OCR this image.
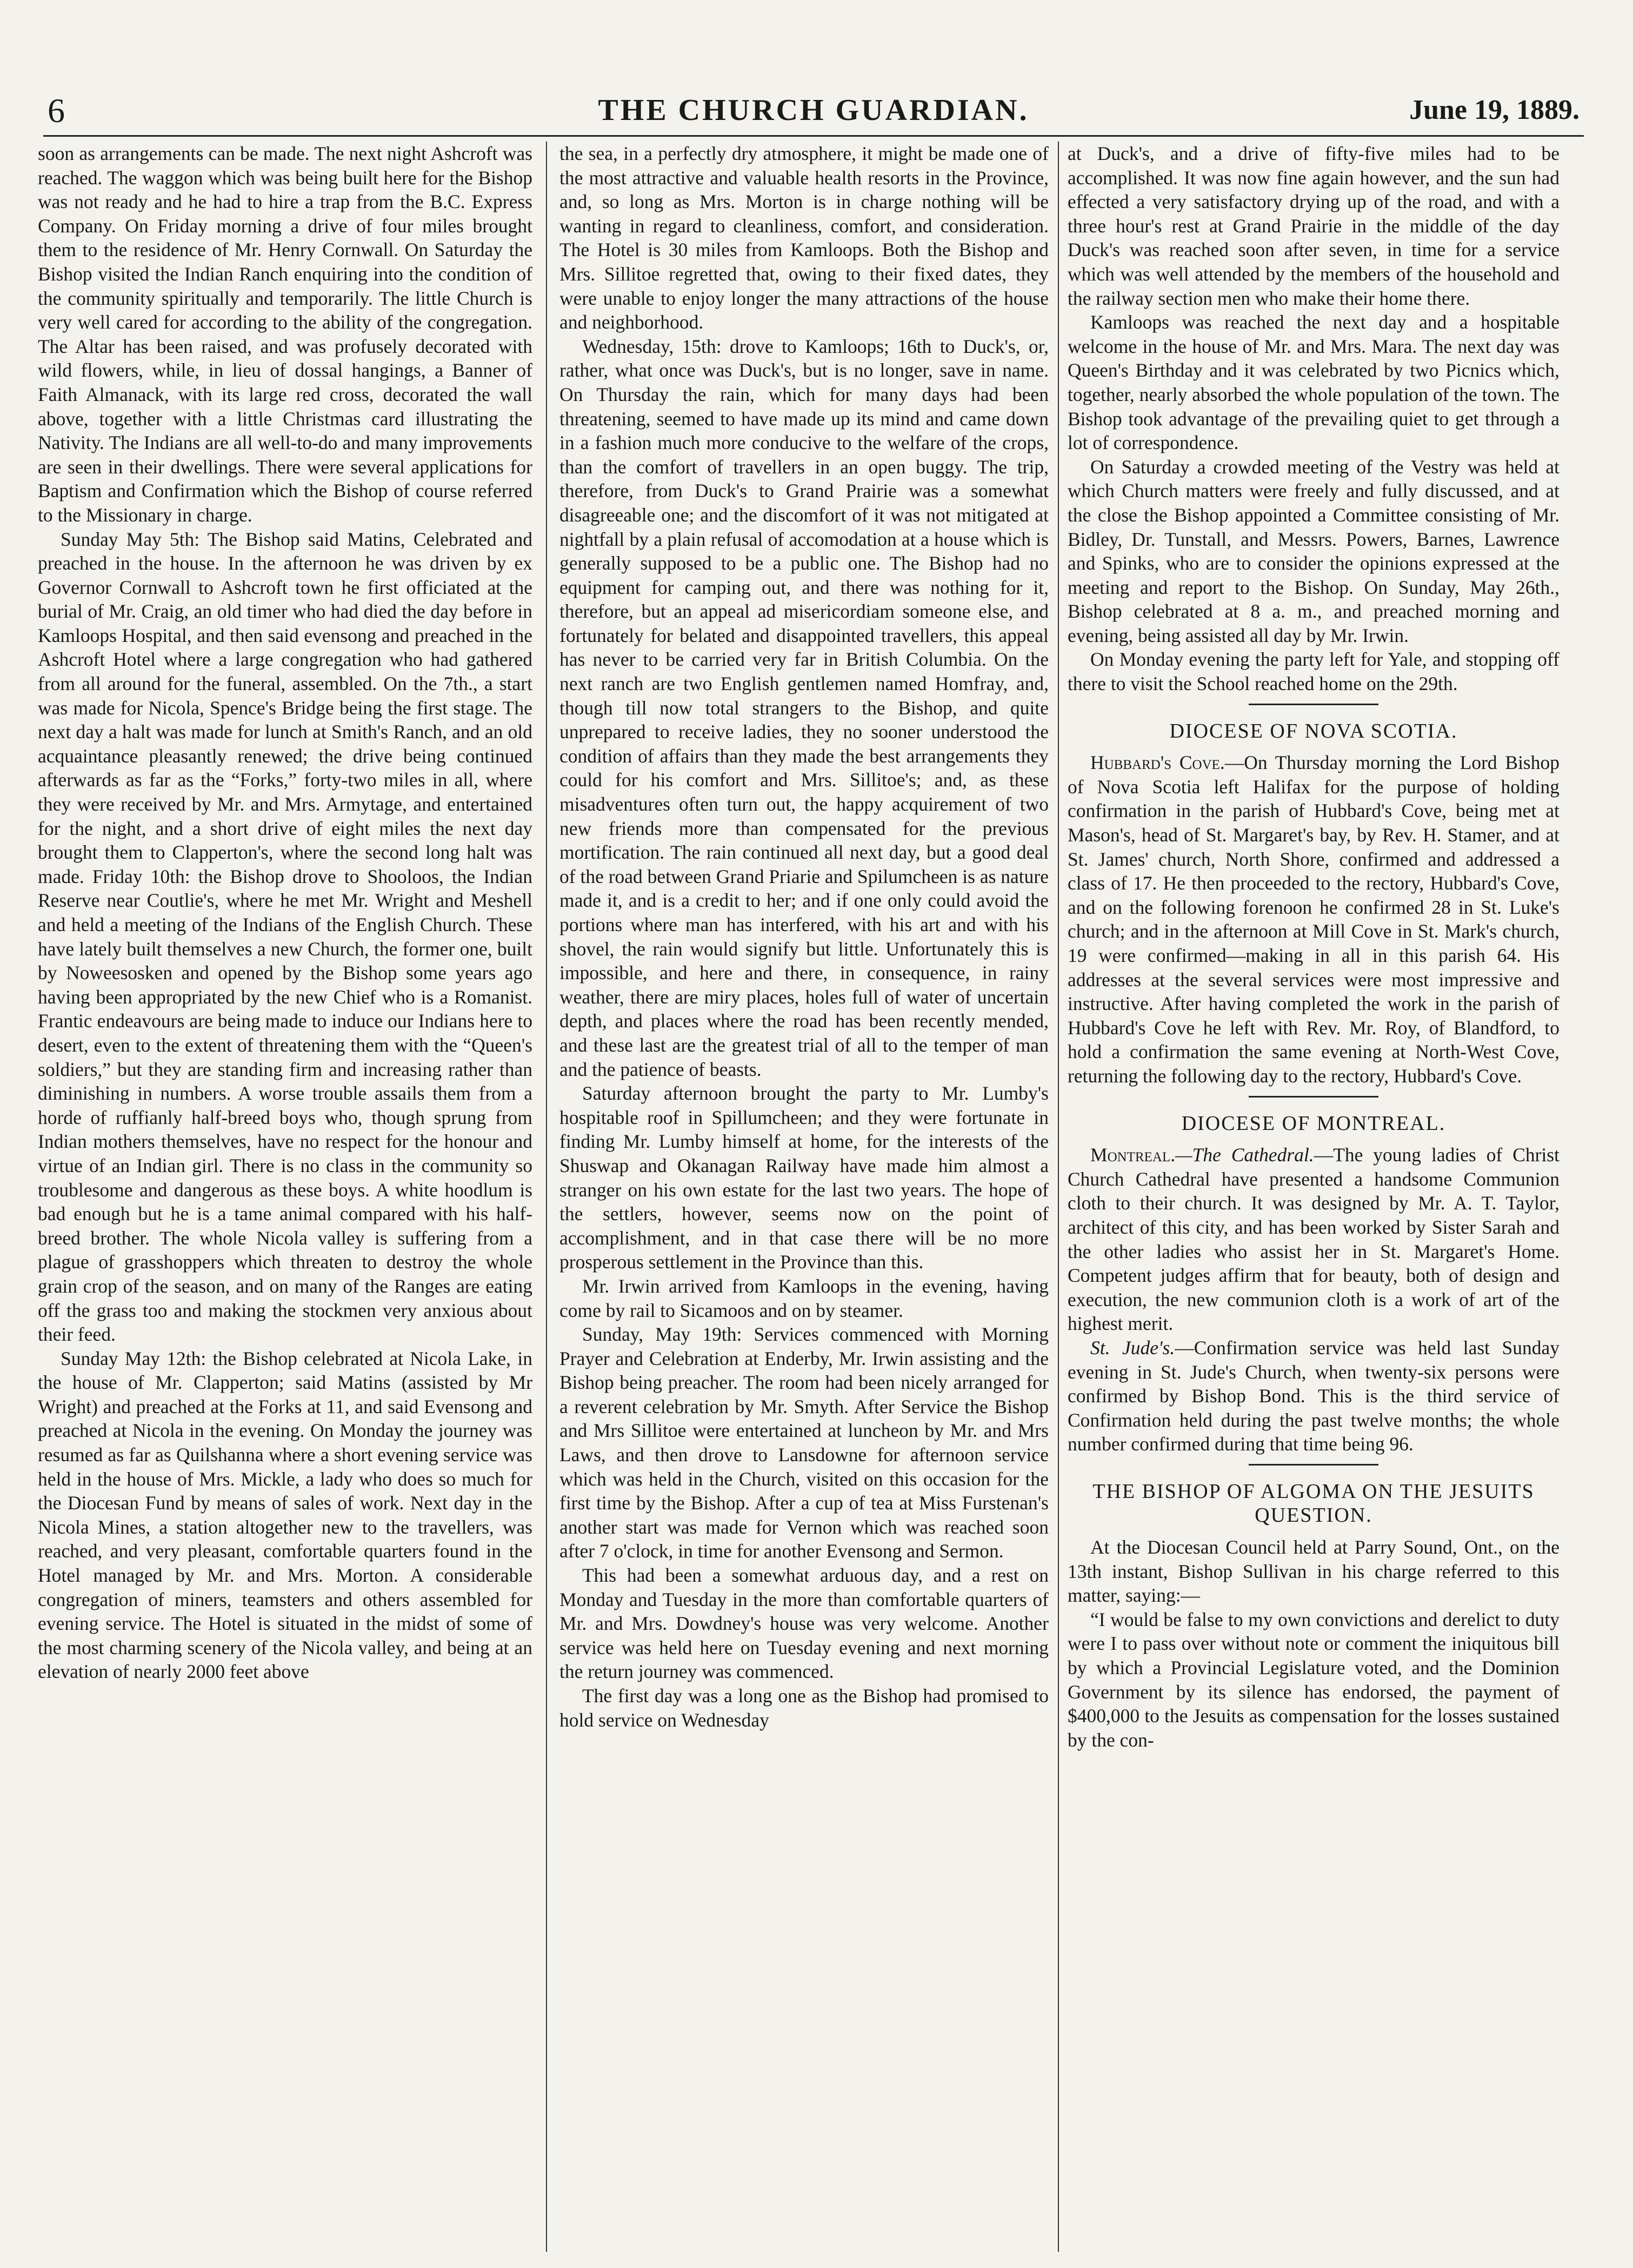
6	THE CHURCH GUARDIAN.	June 19, 1889.

soon as arrangements can be made. The next night Ashcroft was reached. The waggon which was being built here for the Bishop was not ready and he had to hire a trap from the B.C. Express Company. On Friday morning a drive of four miles brought them to the residence of Mr. Henry Cornwall. On Saturday the Bishop visited the Indian Ranch enquiring into the condition of the community spiritually and temporarily. The little Church is very well cared for according to the ability of the congregation. The Altar has been raised, and was profusely decorated with wild flowers, while, in lieu of dossal hangings, a Banner of Faith Almanack, with its large red cross, decorated the wall above, together with a little Christmas card illustrating the Nativity. The Indians are all well-to-do and many improvements are seen in their dwellings. There were several applications for Baptism and Confirmation which the Bishop of course referred to the Missionary in charge.

Sunday May 5th: The Bishop said Matins, Celebrated and preached in the house. In the afternoon he was driven by ex Governor Cornwall to Ashcroft town he first officiated at the burial of Mr. Craig, an old timer who had died the day before in Kamloops Hospital, and then said evensong and preached in the Ashcroft Hotel where a large congregation who had gathered from all around for the funeral, assembled. On the 7th., a start was made for Nicola, Spence's Bridge being the first stage. The next day a halt was made for lunch at Smith's Ranch, and an old acquaintance pleasantly renewed; the drive being continued afterwards as far as the “Forks,” forty-two miles in all, where they were received by Mr. and Mrs. Armytage, and entertained for the night, and a short drive of eight miles the next day brought them to Clapperton's, where the second long halt was made. Friday 10th: the Bishop drove to Shooloos, the Indian Reserve near Coutlie's, where he met Mr. Wright and Meshell and held a meeting of the Indians of the English Church. These have lately built themselves a new Church, the former one, built by Noweesosken and opened by the Bishop some years ago having been appropriated by the new Chief who is a Romanist. Frantic endeavours are being made to induce our Indians here to desert, even to the extent of threatening them with the “Queen's soldiers,” but they are standing firm and increasing rather than diminishing in numbers. A worse trouble assails them from a horde of ruffianly half-breed boys who, though sprung from Indian mothers themselves, have no respect for the honour and virtue of an Indian girl. There is no class in the community so troublesome and dangerous as these boys. A white hoodlum is bad enough but he is a tame animal compared with his half-breed brother. The whole Nicola valley is suffering from a plague of grasshoppers which threaten to destroy the whole grain crop of the season, and on many of the Ranges are eating off the grass too and making the stockmen very anxious about their feed.

Sunday May 12th: the Bishop celebrated at Nicola Lake, in the house of Mr. Clapperton; said Matins (assisted by Mr Wright) and preached at the Forks at 11, and said Evensong and preached at Nicola in the evening. On Monday the journey was resumed as far as Quilshanna where a short evening service was held in the house of Mrs. Mickle, a lady who does so much for the Diocesan Fund by means of sales of work. Next day in the Nicola Mines, a station altogether new to the travellers, was reached, and very pleasant, comfortable quarters found in the Hotel managed by Mr. and Mrs. Morton. A considerable congregation of miners, teamsters and others assembled for evening service. The Hotel is situated in the midst of some of the most charming scenery of the Nicola valley, and being at an elevation of nearly 2000 feet above

the sea, in a perfectly dry atmosphere, it might be made one of the most attractive and valuable health resorts in the Province, and, so long as Mrs. Morton is in charge nothing will be wanting in regard to cleanliness, comfort, and consideration. The Hotel is 30 miles from Kamloops. Both the Bishop and Mrs. Sillitoe regretted that, owing to their fixed dates, they were unable to enjoy longer the many attractions of the house and neighborhood.

Wednesday, 15th: drove to Kamloops; 16th to Duck's, or, rather, what once was Duck's, but is no longer, save in name. On Thursday the rain, which for many days had been threatening, seemed to have made up its mind and came down in a fashion much more conducive to the welfare of the crops, than the comfort of travellers in an open buggy. The trip, therefore, from Duck's to Grand Prairie was a somewhat disagreeable one; and the discomfort of it was not mitigated at nightfall by a plain refusal of accomodation at a house which is generally supposed to be a public one. The Bishop had no equipment for camping out, and there was nothing for it, therefore, but an appeal ad misericordiam someone else, and fortunately for belated and disappointed travellers, this appeal has never to be carried very far in British Columbia. On the next ranch are two English gentlemen named Homfray, and, though till now total strangers to the Bishop, and quite unprepared to receive ladies, they no sooner understood the condition of affairs than they made the best arrangements they could for his comfort and Mrs. Sillitoe's; and, as these misadventures often turn out, the happy acquirement of two new friends more than compensated for the previous mortification. The rain continued all next day, but a good deal of the road between Grand Priarie and Spilumcheen is as nature made it, and is a credit to her; and if one only could avoid the portions where man has interfered, with his art and with his shovel, the rain would signify but little. Unfortunately this is impossible, and here and there, in consequence, in rainy weather, there are miry places, holes full of water of uncertain depth, and places where the road has been recently mended, and these last are the greatest trial of all to the temper of man and the patience of beasts.

Saturday afternoon brought the party to Mr. Lumby's hospitable roof in Spillumcheen; and they were fortunate in finding Mr. Lumby himself at home, for the interests of the Shuswap and Okanagan Railway have made him almost a stranger on his own estate for the last two years. The hope of the settlers, however, seems now on the point of accomplishment, and in that case there will be no more prosperous settlement in the Province than this.

Mr. Irwin arrived from Kamloops in the evening, having come by rail to Sicamoos and on by steamer.

Sunday, May 19th: Services commenced with Morning Prayer and Celebration at Enderby, Mr. Irwin assisting and the Bishop being preacher. The room had been nicely arranged for a reverent celebration by Mr. Smyth. After Service the Bishop and Mrs Sillitoe were entertained at luncheon by Mr. and Mrs Laws, and then drove to Lansdowne for afternoon service which was held in the Church, visited on this occasion for the first time by the Bishop. After a cup of tea at Miss Furstenan's another start was made for Vernon which was reached soon after 7 o'clock, in time for another Evensong and Sermon.

This had been a somewhat arduous day, and a rest on Monday and Tuesday in the more than comfortable quarters of Mr. and Mrs. Dowdney's house was very welcome. Another service was held here on Tuesday evening and next morning the return journey was commenced.

The first day was a long one as the Bishop had promised to hold service on Wednesday

at Duck's, and a drive of fifty-five miles had to be accomplished. It was now fine again however, and the sun had effected a very satisfactory drying up of the road, and with a three hour's rest at Grand Prairie in the middle of the day Duck's was reached soon after seven, in time for a service which was well attended by the members of the household and the railway section men who make their home there.

Kamloops was reached the next day and a hospitable welcome in the house of Mr. and Mrs. Mara. The next day was Queen's Birthday and it was celebrated by two Picnics which, together, nearly absorbed the whole population of the town. The Bishop took advantage of the prevailing quiet to get through a lot of correspondence.

On Saturday a crowded meeting of the Vestry was held at which Church matters were freely and fully discussed, and at the close the Bishop appointed a Committee consisting of Mr. Bidley, Dr. Tunstall, and Messrs. Powers, Barnes, Lawrence and Spinks, who are to consider the opinions expressed at the meeting and report to the Bishop. On Sunday, May 26th., Bishop celebrated at 8 a. m., and preached morning and evening, being assisted all day by Mr. Irwin.

On Monday evening the party left for Yale, and stopping off there to visit the School reached home on the 29th.

DIOCESE OF NOVA SCOTIA.

Hubbard's Cove.—On Thursday morning the Lord Bishop of Nova Scotia left Halifax for the purpose of holding confirmation in the parish of Hubbard's Cove, being met at Mason's, head of St. Margaret's bay, by Rev. H. Stamer, and at St. James' church, North Shore, confirmed and addressed a class of 17. He then proceeded to the rectory, Hubbard's Cove, and on the following forenoon he confirmed 28 in St. Luke's church; and in the afternoon at Mill Cove in St. Mark's church, 19 were confirmed—making in all in this parish 64. His addresses at the several services were most impressive and instructive. After having completed the work in the parish of Hubbard's Cove he left with Rev. Mr. Roy, of Blandford, to hold a confirmation the same evening at North-West Cove, returning the following day to the rectory, Hubbard's Cove.

DIOCESE OF MONTREAL.

Montreal.—The Cathedral.—The young ladies of Christ Church Cathedral have presented a handsome Communion cloth to their church. It was designed by Mr. A. T. Taylor, architect of this city, and has been worked by Sister Sarah and the other ladies who assist her in St. Margaret's Home. Competent judges affirm that for beauty, both of design and execution, the new communion cloth is a work of art of the highest merit.

St. Jude's.—Confirmation service was held last Sunday evening in St. Jude's Church, when twenty-six persons were confirmed by Bishop Bond. This is the third service of Confirmation held during the past twelve months; the whole number confirmed during that time being 96.

THE BISHOP OF ALGOMA ON THE JESUITS QUESTION.

At the Diocesan Council held at Parry Sound, Ont., on the 13th instant, Bishop Sullivan in his charge referred to this matter, saying:—

“I would be false to my own convictions and derelict to duty were I to pass over without note or comment the iniquitous bill by which a Provincial Legislature voted, and the Dominion Government by its silence has endorsed, the payment of $400,000 to the Jesuits as compensation for the losses sustained by the con-
